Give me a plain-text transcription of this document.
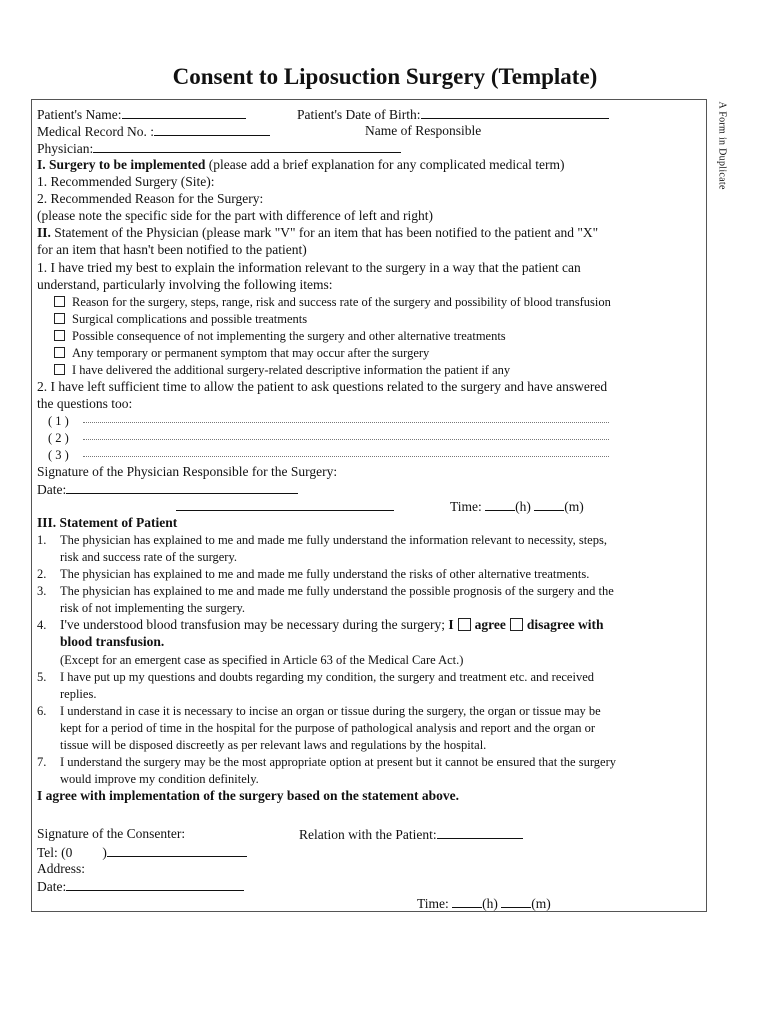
Consent to Liposuction Surgery (Template)
A Form in Duplicate
Patient's Name:	Patient's Date of Birth:
Medical Record No. :	Name of Responsible
Physician:
I. Surgery to be implemented (please add a brief explanation for any complicated medical term)
1. Recommended Surgery (Site):
2. Recommended Reason for the Surgery:
(please note the specific side for the part with difference of left and right)
II. Statement of the Physician (please mark "V" for an item that has been notified to the patient and "X"
for an item that hasn't been notified to the patient)
1. I have tried my best to explain the information relevant to the surgery in a way that the patient can
understand, particularly involving the following items:
Reason for the surgery, steps, range, risk and success rate of the surgery and possibility of blood transfusion
Surgical complications and possible treatments
Possible consequence of not implementing the surgery and other alternative treatments
Any temporary or permanent symptom that may occur after the surgery
I have delivered the additional surgery-related descriptive information the patient if any
2. I have left sufficient time to allow the patient to ask questions related to the surgery and have answered
the questions too:
( 1 )
( 2 )
( 3 )
Signature of the Physician Responsible for the Surgery:
Date:
Time: (h) (m)
III. Statement of Patient
1. The physician has explained to me and made me fully understand the information relevant to necessity, steps,
risk and success rate of the surgery.
2. The physician has explained to me and made me fully understand the risks of other alternative treatments.
3. The physician has explained to me and made me fully understand the possible prognosis of the surgery and the
risk of not implementing the surgery.
4. I've understood blood transfusion may be necessary during the surgery; I agree disagree with
blood transfusion.
(Except for an emergent case as specified in Article 63 of the Medical Care Act.)
5. I have put up my questions and doubts regarding my condition, the surgery and treatment etc. and received
replies.
6. I understand in case it is necessary to incise an organ or tissue during the surgery, the organ or tissue may be
kept for a period of time in the hospital for the purpose of pathological analysis and report and the organ or
tissue will be disposed discreetly as per relevant laws and regulations by the hospital.
7. I understand the surgery may be the most appropriate option at present but it cannot be ensured that the surgery
would improve my condition definitely.
I agree with implementation of the surgery based on the statement above.
Signature of the Consenter:	Relation with the Patient:
Tel: (0 )
Address:
Date:
Time: (h) (m)
